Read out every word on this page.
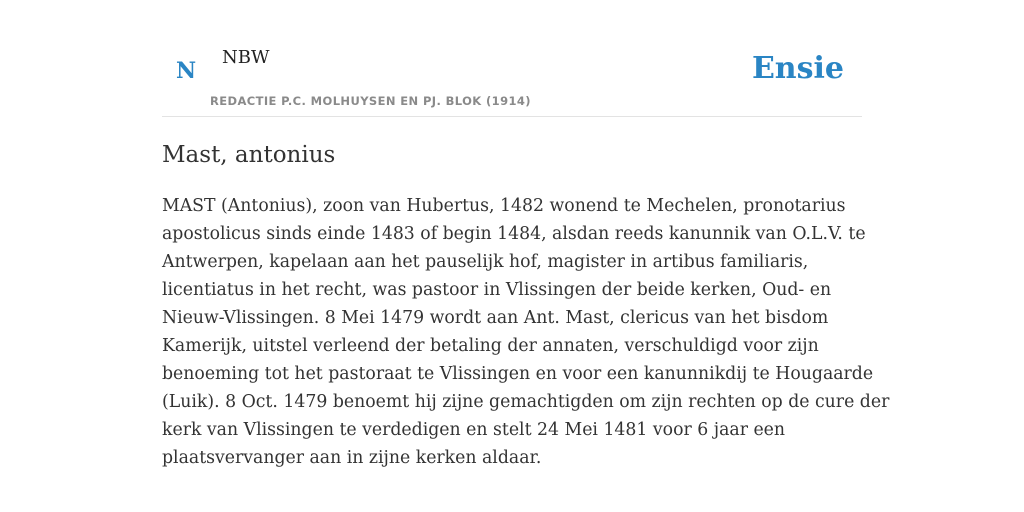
N
NBW
REDACTIE P.C. MOLHUYSEN EN PJ. BLOK (1914)
Ensie
Mast, antonius

MAST (Antonius), zoon van Hubertus, 1482 wonend te Mechelen, pronotarius
apostolicus sinds einde 1483 of begin 1484, alsdan reeds kanunnik van O.L.V. te
Antwerpen, kapelaan aan het pauselijk hof, magister in artibus familiaris,
licentiatus in het recht, was pastoor in Vlissingen der beide kerken, Oud- en
Nieuw-Vlissingen. 8 Mei 1479 wordt aan Ant. Mast, clericus van het bisdom
Kamerijk, uitstel verleend der betaling der annaten, verschuldigd voor zijn
benoeming tot het pastoraat te Vlissingen en voor een kanunnikdij te Hougaarde
(Luik). 8 Oct. 1479 benoemt hij zijne gemachtigden om zijn rechten op de cure der
kerk van Vlissingen te verdedigen en stelt 24 Mei 1481 voor 6 jaar een
plaatsvervanger aan in zijne kerken aldaar.
